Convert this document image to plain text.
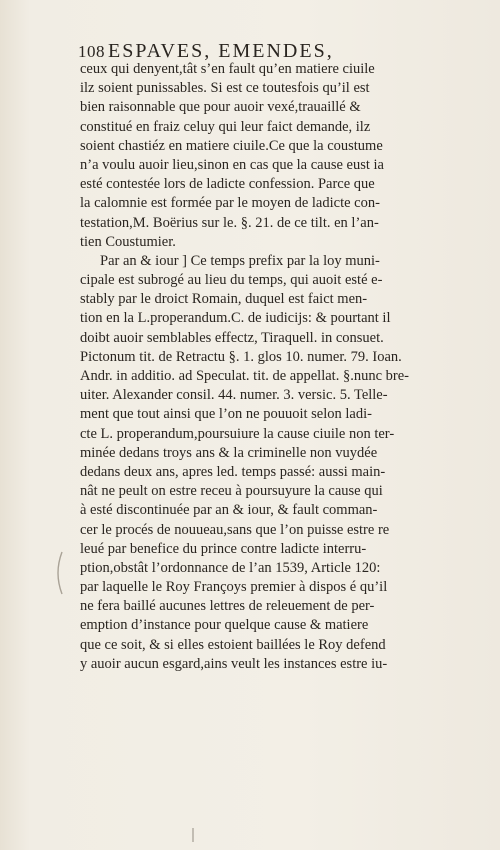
108 ESPAVES, EMENDES,
ceux qui denyent,tât s’en fault qu’en matiere ciuile
ilz soient punissables. Si est ce toutesfois qu’il est
bien raisonnable que pour auoir vexé,trauaillé &
constitué en fraiz celuy qui leur faict demande, ilz
soient chastiéz en matiere ciuile.Ce que la coustume
n’a voulu auoir lieu,sinon en cas que la cause eust ia
esté contestée lors de ladicte confession. Parce que
la calomnie est formée par le moyen de ladicte con-
testation,M. Boërius sur le. §. 21. de ce tilt. en l’an-
tien Coustumier.
Par an & iour ] Ce temps prefix par la loy muni-
cipale est subrogé au lieu du temps, qui auoit esté e-
stably par le droict Romain, duquel est faict men-
tion en la L.properandum.C. de iudicijs: & pourtant il
doibt auoir semblables effectz, Tiraquell. in consuet.
Pictonum tit. de Retractu §. 1. glos 10. numer. 79. Ioan.
Andr. in additio. ad Speculat. tit. de appellat. §.nunc bre-
uiter. Alexander consil. 44. numer. 3. versic. 5. Telle-
ment que tout ainsi que l’on ne pouuoit selon ladi-
cte L. properandum,poursuiure la cause ciuile non ter-
minée dedans troys ans & la criminelle non vuydée
dedans deux ans, apres led. temps passé: aussi main-
nât ne peult on estre receu à poursuyure la cause qui
à esté discontinuée par an & iour, & fault comman-
cer le procés de nouueau,sans que l’on puisse estre re
leué par benefice du prince contre ladicte interru-
ption,obstât l’ordonnance de l’an 1539, Article 120:
par laquelle le Roy Françoys premier à dispos é qu’il
ne fera baillé aucunes lettres de releuement de per-
emption d’instance pour quelque cause & matiere
que ce soit, & si elles estoient baillées le Roy defend
y auoir aucun esgard,ains veult les instances estre iu-
